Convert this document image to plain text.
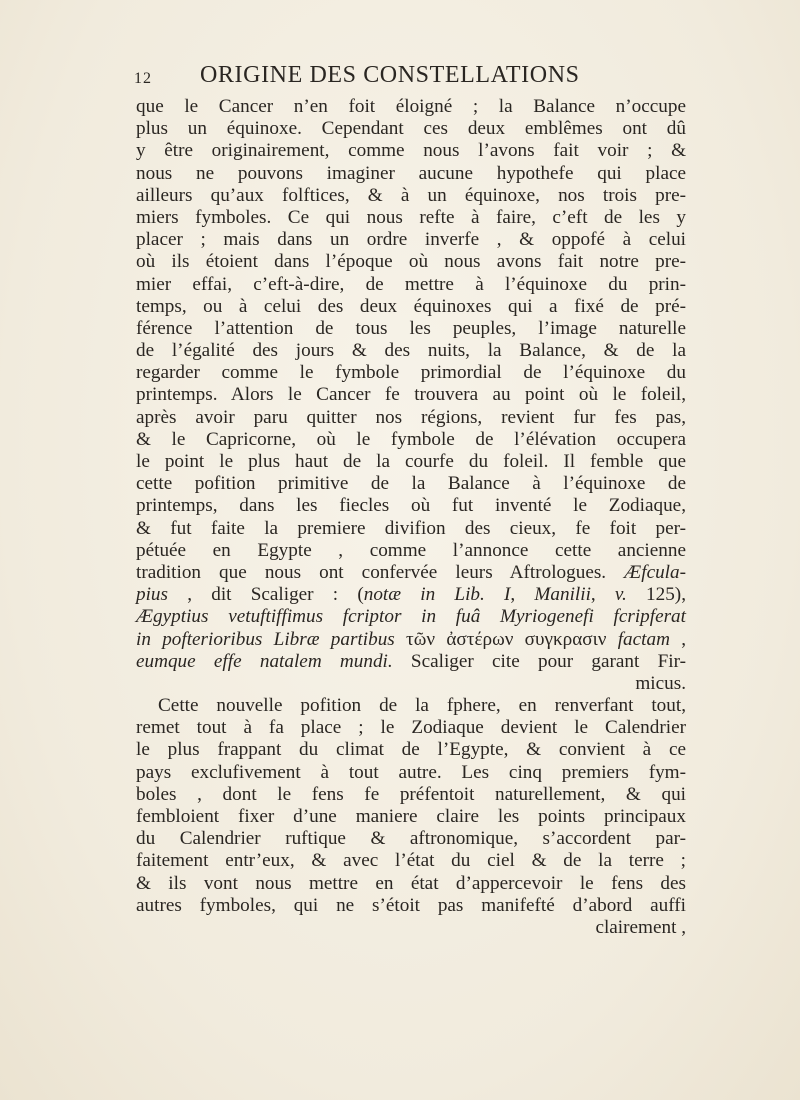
12 ORIGINE DES CONSTELLATIONS
que le Cancer n’en foit éloigné ; la Balance n’occupe
plus un équinoxe. Cependant ces deux emblêmes ont dû
y être originairement, comme nous l’avons fait voir ; &
nous ne pouvons imaginer aucune hypothefe qui place
ailleurs qu’aux folftices, & à un équinoxe, nos trois pre-
miers fymboles. Ce qui nous refte à faire, c’eft de les y
placer ; mais dans un ordre inverfe , & oppofé à celui
où ils étoient dans l’époque où nous avons fait notre pre-
mier effai, c’eft-à-dire, de mettre à l’équinoxe du prin-
temps, ou à celui des deux équinoxes qui a fixé de pré-
férence l’attention de tous les peuples, l’image naturelle
de l’égalité des jours & des nuits, la Balance, & de la
regarder comme le fymbole primordial de l’équinoxe du
printemps. Alors le Cancer fe trouvera au point où le foleil,
après avoir paru quitter nos régions, revient fur fes pas,
& le Capricorne, où le fymbole de l’élévation occupera
le point le plus haut de la courfe du foleil. Il femble que
cette pofition primitive de la Balance à l’équinoxe de
printemps, dans les fiecles où fut inventé le Zodiaque,
& fut faite la premiere divifion des cieux, fe foit per-
pétuée en Egypte , comme l’annonce cette ancienne
tradition que nous ont confervée leurs Aftrologues. Æfcula-
pius , dit Scaliger : (notæ in Lib. I, Manilii, v. 125),
Ægyptius vetuftiffimus fcriptor in fuâ Myriogenefi fcripferat
in pofterioribus Libræ partibus τῶν ἀστέρων συγκρασιν factam ,
eumque effe natalem mundi. Scaliger cite pour garant Fir-
micus.
Cette nouvelle pofition de la fphere, en renverfant tout,
remet tout à fa place ; le Zodiaque devient le Calendrier
le plus frappant du climat de l’Egypte, & convient à ce
pays exclufivement à tout autre. Les cinq premiers fym-
boles , dont le fens fe préfentoit naturellement, & qui
fembloient fixer d’une maniere claire les points principaux
du Calendrier ruftique & aftronomique, s’accordent par-
faitement entr’eux, & avec l’état du ciel & de la terre ;
& ils vont nous mettre en état d’appercevoir le fens des
autres fymboles, qui ne s’étoit pas manifefté d’abord auffi
clairement ,
